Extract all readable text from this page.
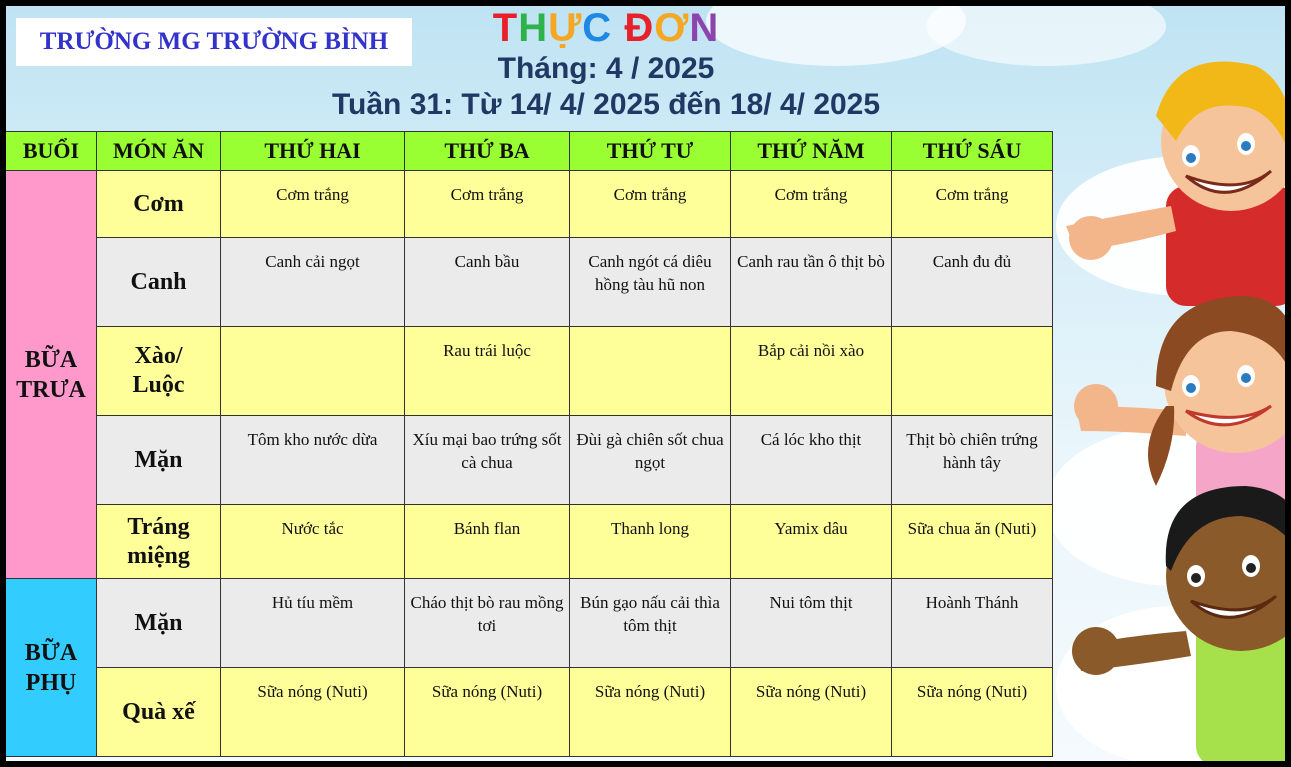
TRƯỜNG MG TRƯỜNG BÌNH	THỰC ĐƠN
Tháng: 4 / 2025
Tuần 31: Từ 14/ 4/ 2025 đến 18/ 4/ 2025
BUỔI	MÓN ĂN	THỨ HAI	THỨ BA	THỨ TƯ	THỨ NĂM	THỨ SÁU
BỮA TRƯA	Cơm	Cơm trắng	Cơm trắng	Cơm trắng	Cơm trắng	Cơm trắng
	Canh	Canh cải ngọt	Canh bầu	Canh ngót cá diêu hồng tàu hũ non	Canh rau tần ô thịt bò	Canh đu đủ
	Xào/ Luộc		Rau trái luộc		Bắp cải nồi xào	
	Mặn	Tôm kho nước dừa	Xíu mại bao trứng sốt cà chua	Đùi gà chiên sốt chua ngọt	Cá lóc kho thịt	Thịt bò chiên trứng hành tây
	Tráng miệng	Nước tắc	Bánh flan	Thanh long	Yamix dâu	Sữa chua ăn (Nuti)
BỮA PHỤ	Mặn	Hủ tíu mềm	Cháo thịt bò rau mồng tơi	Bún gạo nấu cải thìa tôm thịt	Nui tôm thịt	Hoành Thánh
	Quà xế	Sữa nóng (Nuti)	Sữa nóng (Nuti)	Sữa nóng (Nuti)	Sữa nóng (Nuti)	Sữa nóng (Nuti)
